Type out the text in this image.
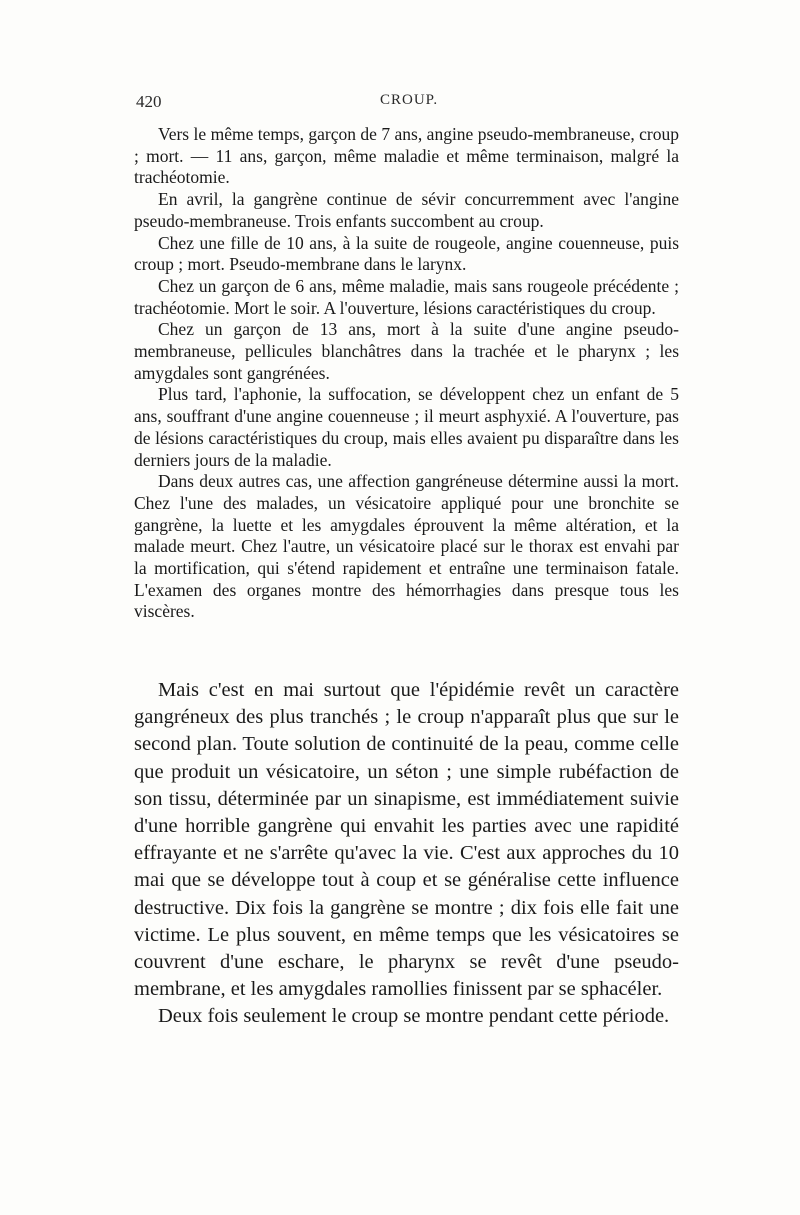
420	CROUP.

Vers le même temps, garçon de 7 ans, angine pseudo-membraneuse, croup ; mort. — 11 ans, garçon, même maladie et même terminaison, malgré la trachéotomie.

En avril, la gangrène continue de sévir concurremment avec l'angine pseudo-membraneuse. Trois enfants succombent au croup.

Chez une fille de 10 ans, à la suite de rougeole, angine couenneuse, puis croup ; mort. Pseudo-membrane dans le larynx.

Chez un garçon de 6 ans, même maladie, mais sans rougeole précédente ; trachéotomie. Mort le soir. A l'ouverture, lésions caractéristiques du croup.

Chez un garçon de 13 ans, mort à la suite d'une angine pseudo-membraneuse, pellicules blanchâtres dans la trachée et le pharynx ; les amygdales sont gangrénées.

Plus tard, l'aphonie, la suffocation, se développent chez un enfant de 5 ans, souffrant d'une angine couenneuse ; il meurt asphyxié. A l'ouverture, pas de lésions caractéristiques du croup, mais elles avaient pu disparaître dans les derniers jours de la maladie.

Dans deux autres cas, une affection gangréneuse détermine aussi la mort. Chez l'une des malades, un vésicatoire appliqué pour une bronchite se gangrène, la luette et les amygdales éprouvent la même altération, et la malade meurt. Chez l'autre, un vésicatoire placé sur le thorax est envahi par la mortification, qui s'étend rapidement et entraîne une terminaison fatale. L'examen des organes montre des hémorrhagies dans presque tous les viscères.

Mais c'est en mai surtout que l'épidémie revêt un caractère gangréneux des plus tranchés ; le croup n'apparaît plus que sur le second plan. Toute solution de continuité de la peau, comme celle que produit un vésicatoire, un séton ; une simple rubéfaction de son tissu, déterminée par un sinapisme, est immédiatement suivie d'une horrible gangrène qui envahit les parties avec une rapidité effrayante et ne s'arrête qu'avec la vie. C'est aux approches du 10 mai que se développe tout à coup et se généralise cette influence destructive. Dix fois la gangrène se montre ; dix fois elle fait une victime. Le plus souvent, en même temps que les vésicatoires se couvrent d'une eschare, le pharynx se revêt d'une pseudo-membrane, et les amygdales ramollies finissent par se sphacéler.

Deux fois seulement le croup se montre pendant cette période.
